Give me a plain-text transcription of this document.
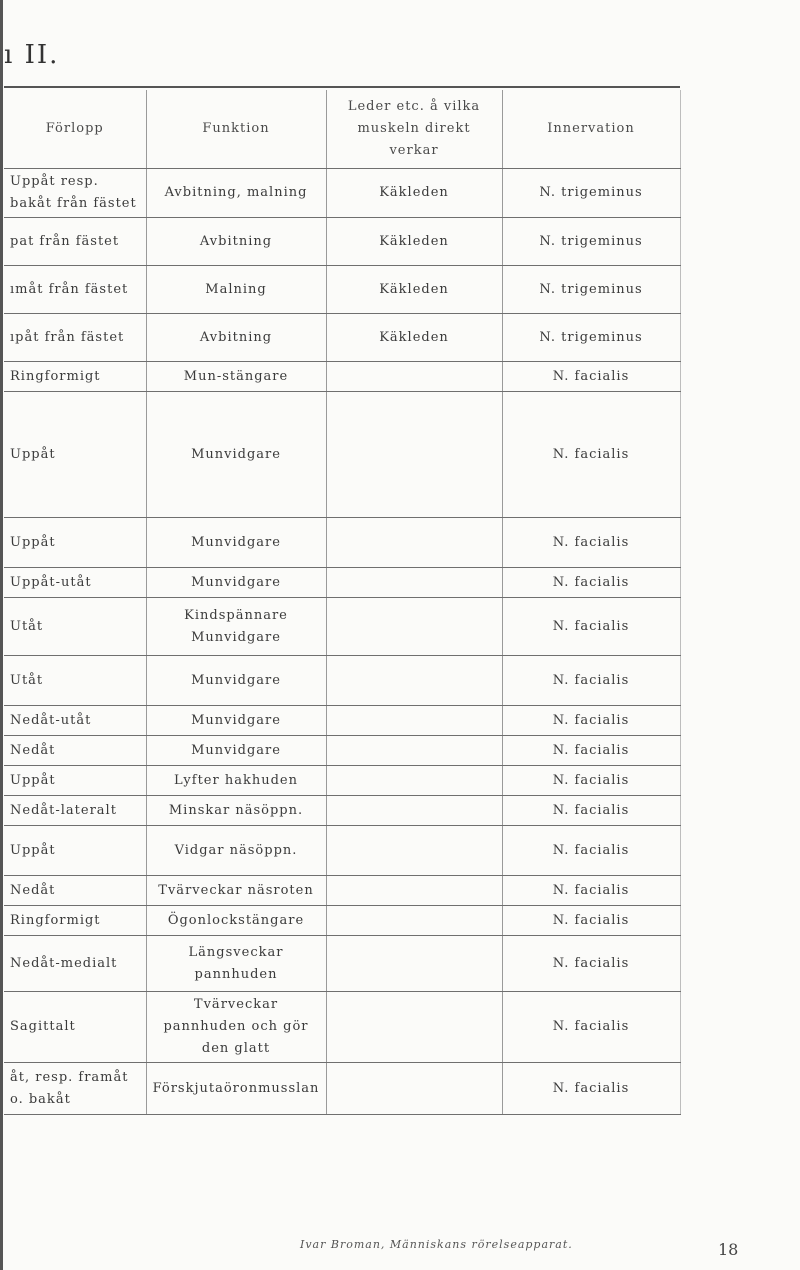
ı II.
Förlopp	Funktion	Leder etc. å vilka muskeln direkt verkar	Innervation
Uppåt resp. bakåt från fästet	Avbitning, malning	Käkleden	N. trigeminus
pat från fästet	Avbitning	Käkleden	N. trigeminus
ımåt från fästet	Malning	Käkleden	N. trigeminus
ıpåt från fästet	Avbitning	Käkleden	N. trigeminus
Ringformigt	Mun-stängare		N. facialis
Uppåt	Munvidgare		N. facialis
Uppåt	Munvidgare		N. facialis
Uppåt-utåt	Munvidgare		N. facialis
Utåt	Kindspännare Munvidgare		N. facialis
Utåt	Munvidgare		N. facialis
Nedåt-utåt	Munvidgare		N. facialis
Nedåt	Munvidgare		N. facialis
Uppåt	Lyfter hakhuden		N. facialis
Nedåt-lateralt	Minskar näsöppn.		N. facialis
Uppåt	Vidgar näsöppn.		N. facialis
Nedåt	Tvärveckar näsroten		N. facialis
Ringformigt	Ögonlockstängare		N. facialis
Nedåt-medialt	Längsveckar pannhuden		N. facialis
Sagittalt	Tvärveckar pannhuden och gör den glatt		N. facialis
åt, resp. framåt o. bakåt	Förskjutaöronmusslan		N. facialis
Ivar Broman, Människans rörelseapparat.	18
